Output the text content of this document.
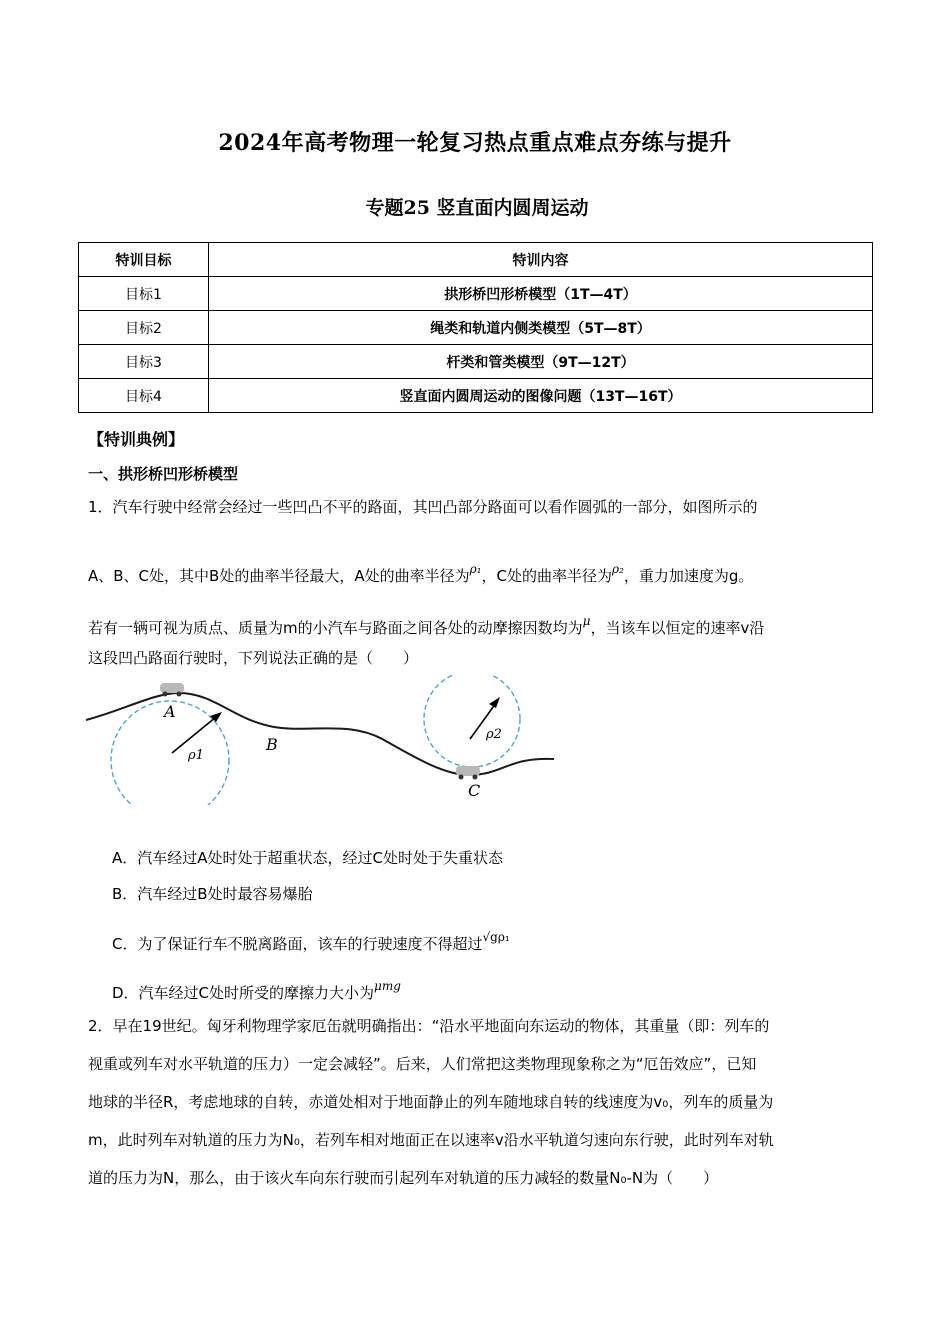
2024年高考物理一轮复习热点重点难点夯练与提升
专题25 竖直面内圆周运动
特训目标	特训内容
目标1	拱形桥凹形桥模型（1T—4T）
目标2	绳类和轨道内侧类模型（5T—8T）
目标3	杆类和管类模型（9T—12T）
目标4	竖直面内圆周运动的图像问题（13T—16T）
【特训典例】
一、拱形桥凹形桥模型
1．汽车行驶中经常会经过一些凹凸不平的路面，其凹凸部分路面可以看作圆弧的一部分，如图所示的
A、B、C处，其中B处的曲率半径最大，A处的曲率半径为$^{\rho_1}$，C处的曲率半径为$^{\rho_2}$，重力加速度为g。
若有一辆可视为质点、质量为m的小汽车与路面之间各处的动摩擦因数均为$^\mu$，当该车以恒定的速率v沿
这段凹凸路面行驶时，下列说法正确的是（　　）
A
B
C
ρ1
ρ2
A．汽车经过A处时处于超重状态，经过C处时处于失重状态
B．汽车经过B处时最容易爆胎
C．为了保证行车不脱离路面，该车的行驶速度不得超过$^{√g\rho_1}$
D．汽车经过C处时所受的摩擦力大小为$^{\mu mg}$
2．早在19世纪。匈牙利物理学家厄缶就明确指出：“沿水平地面向东运动的物体，其重量（即：列车的
视重或列车对水平轨道的压力）一定会减轻”。后来，人们常把这类物理现象称之为“厄缶效应”，已知
地球的半径R，考虑地球的自转，赤道处相对于地面静止的列车随地球自转的线速度为v₀，列车的质量为
m，此时列车对轨道的压力为N₀，若列车相对地面正在以速率v沿水平轨道匀速向东行驶，此时列车对轨
道的压力为N，那么，由于该火车向东行驶而引起列车对轨道的压力减轻的数量N₀-N为（　　）
